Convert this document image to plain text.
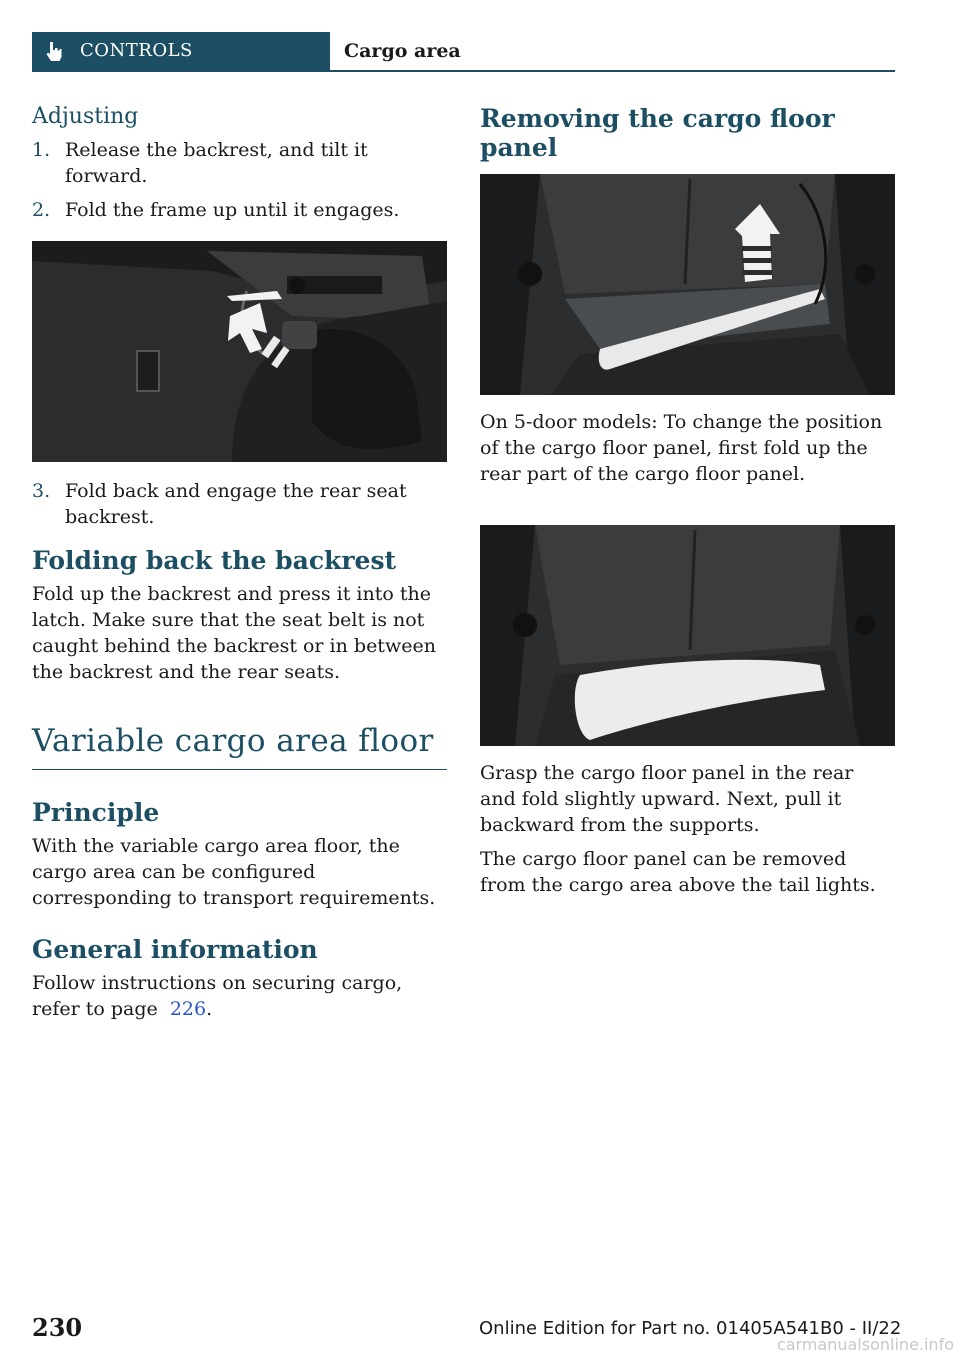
CONTROLS	Cargo area
Adjusting
1. Release the backrest, and tilt it forward.
2. Fold the frame up until it engages.
3. Fold back and engage the rear seat backrest.
Folding back the backrest

Fold up the backrest and press it into the latch. Make sure that the seat belt is not caught behind the backrest or in between the backrest and the rear seats.

Variable cargo area floor
Principle

With the variable cargo area floor, the cargo area can be configured corresponding to transport requirements.

General information

Follow instructions on securing cargo, refer to page 226.

Removing the cargo floor panel

On 5-door models: To change the position of the cargo floor panel, first fold up the rear part of the cargo floor panel.

Grasp the cargo floor panel in the rear and fold slightly upward. Next, pull it backward from the supports.

The cargo floor panel can be removed from the cargo area above the tail lights.

230	Online Edition for Part no. 01405A541B0 - II/22
carmanualsonline.info
